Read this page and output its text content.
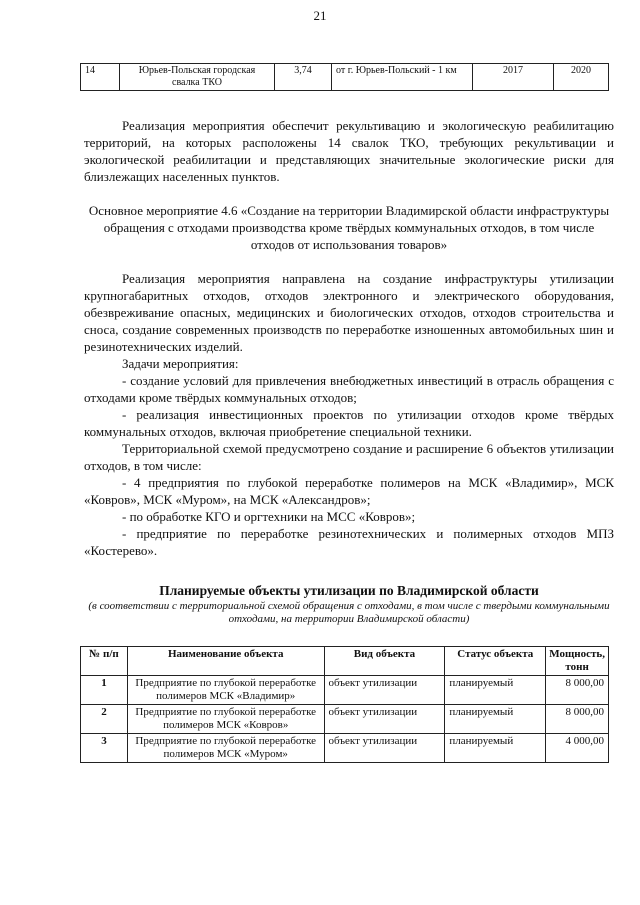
21
14	Юрьев-Польская городская свалка ТКО	3,74	от г. Юрьев-Польский - 1 км	2017	2020

Реализация мероприятия обеспечит рекультивацию и экологическую реабилитацию территорий, на которых расположены 14 свалок ТКО, требующих рекультивации и экологической реабилитации и представляющих значительные экологические риски для близлежащих населенных пунктов.

Основное мероприятие 4.6 «Создание на территории Владимирской области инфраструктуры обращения с отходами производства кроме твёрдых коммунальных отходов, в том числе отходов от использования товаров»

Реализация мероприятия направлена на создание инфраструктуры утилизации крупногабаритных отходов, отходов электронного и электрического оборудования, обезвреживание опасных, медицинских и биологических отходов, отходов строительства и сноса, создание современных производств по переработке изношенных автомобильных шин и резинотехнических изделий.

Задачи мероприятия:

- создание условий для привлечения внебюджетных инвестиций в отрасль обращения с отходами кроме твёрдых коммунальных отходов;

- реализация инвестиционных проектов по утилизации отходов кроме твёрдых коммунальных отходов, включая приобретение специальной техники.

Территориальной схемой предусмотрено создание и расширение 6 объектов утилизации отходов, в том числе:

- 4 предприятия по глубокой переработке полимеров на МСК «Владимир», МСК «Ковров», МСК «Муром», на МСК «Александров»;

- по обработке КГО и оргтехники на МСС «Ковров»;

- предприятие по переработке резинотехнических и полимерных отходов МПЗ «Костерево».

Планируемые объекты утилизации по Владимирской области

(в соответствии с территориальной схемой обращения с отходами, в том числе с твердыми коммунальными отходами, на территории Владимирской области)

№ п/п	Наименование объекта	Вид объекта	Статус объекта	Мощность, тонн
1	Предприятие по глубокой переработке полимеров МСК «Владимир»	объект утилизации	планируемый	8 000,00
2	Предприятие по глубокой переработке полимеров МСК «Ковров»	объект утилизации	планируемый	8 000,00
3	Предприятие по глубокой переработке полимеров МСК «Муром»	объект утилизации	планируемый	4 000,00
